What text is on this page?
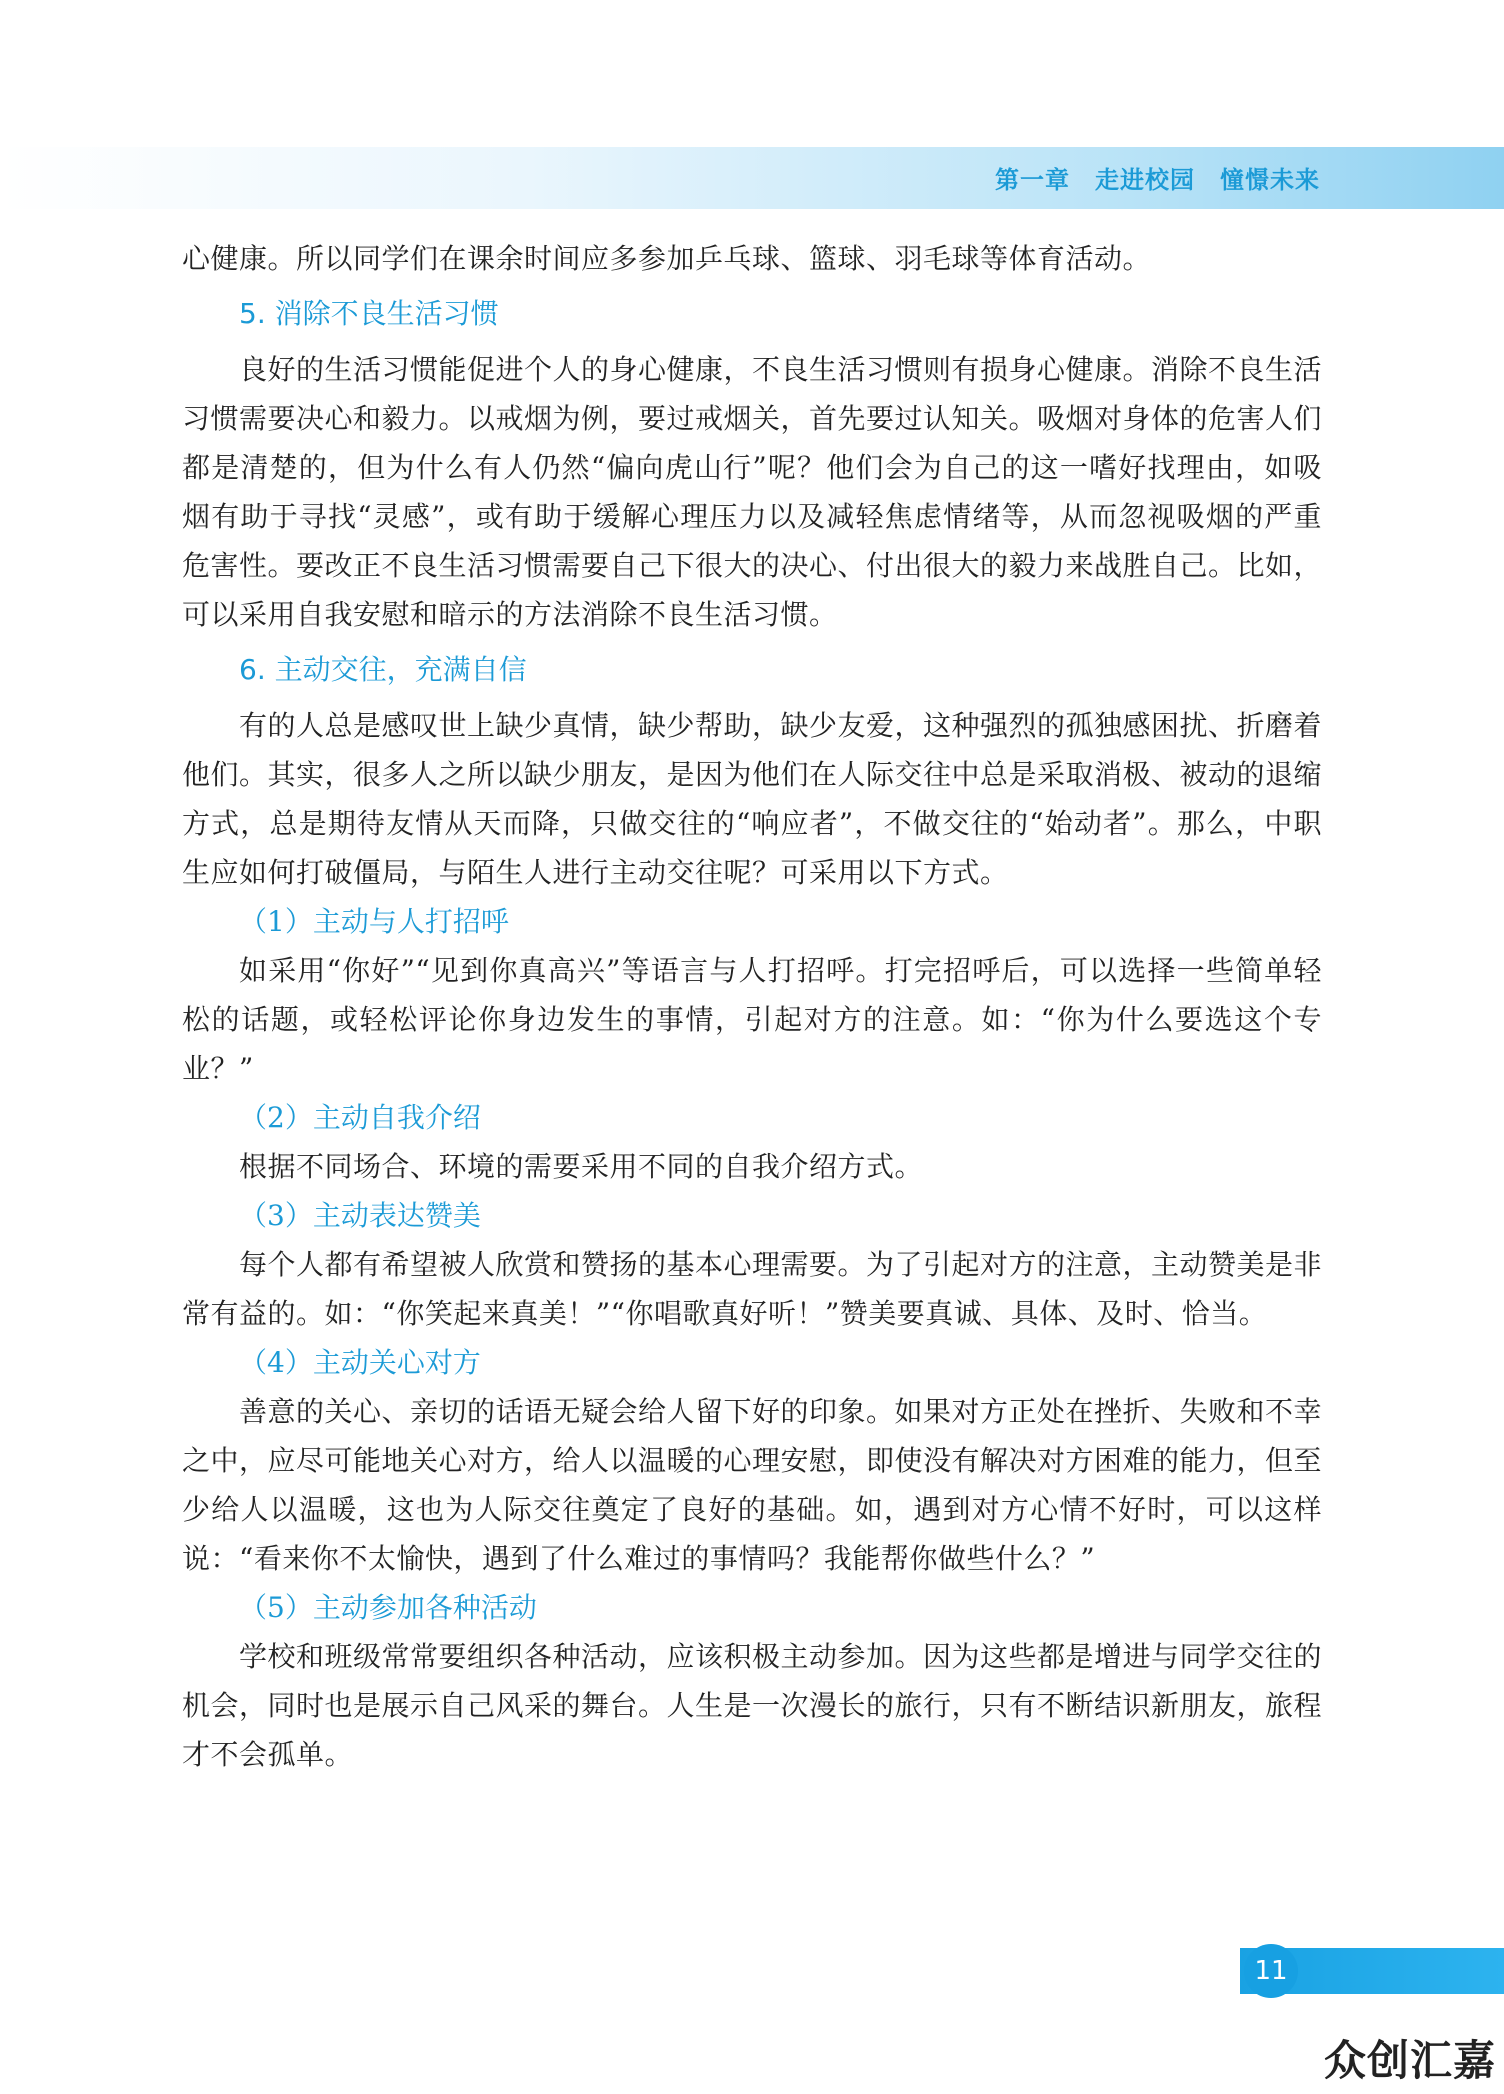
第一章　走进校园　憧憬未来

心健康。所以同学们在课余时间应多参加乒乓球、篮球、羽毛球等体育活动。

5. 消除不良生活习惯

良好的生活习惯能促进个人的身心健康，不良生活习惯则有损身心健康。消除不良生活习惯需要决心和毅力。以戒烟为例，要过戒烟关，首先要过认知关。吸烟对身体的危害人们都是清楚的，但为什么有人仍然“偏向虎山行”呢？他们会为自己的这一嗜好找理由，如吸烟有助于寻找“灵感”，或有助于缓解心理压力以及减轻焦虑情绪等，从而忽视吸烟的严重危害性。要改正不良生活习惯需要自己下很大的决心、付出很大的毅力来战胜自己。比如，可以采用自我安慰和暗示的方法消除不良生活习惯。

6. 主动交往，充满自信

有的人总是感叹世上缺少真情，缺少帮助，缺少友爱，这种强烈的孤独感困扰、折磨着他们。其实，很多人之所以缺少朋友，是因为他们在人际交往中总是采取消极、被动的退缩方式，总是期待友情从天而降，只做交往的“响应者”，不做交往的“始动者”。那么，中职生应如何打破僵局，与陌生人进行主动交往呢？可采用以下方式。

（1）主动与人打招呼

如采用“你好”“见到你真高兴”等语言与人打招呼。打完招呼后，可以选择一些简单轻松的话题，或轻松评论你身边发生的事情，引起对方的注意。如：“你为什么要选这个专业？”

（2）主动自我介绍

根据不同场合、环境的需要采用不同的自我介绍方式。

（3）主动表达赞美

每个人都有希望被人欣赏和赞扬的基本心理需要。为了引起对方的注意，主动赞美是非常有益的。如：“你笑起来真美！”“你唱歌真好听！”赞美要真诚、具体、及时、恰当。

（4）主动关心对方

善意的关心、亲切的话语无疑会给人留下好的印象。如果对方正处在挫折、失败和不幸之中，应尽可能地关心对方，给人以温暖的心理安慰，即使没有解决对方困难的能力，但至少给人以温暖，这也为人际交往奠定了良好的基础。如，遇到对方心情不好时，可以这样说：“看来你不太愉快，遇到了什么难过的事情吗？我能帮你做些什么？”

（5）主动参加各种活动

学校和班级常常要组织各种活动，应该积极主动参加。因为这些都是增进与同学交往的机会，同时也是展示自己风采的舞台。人生是一次漫长的旅行，只有不断结识新朋友，旅程才不会孤单。

11
众创汇嘉
